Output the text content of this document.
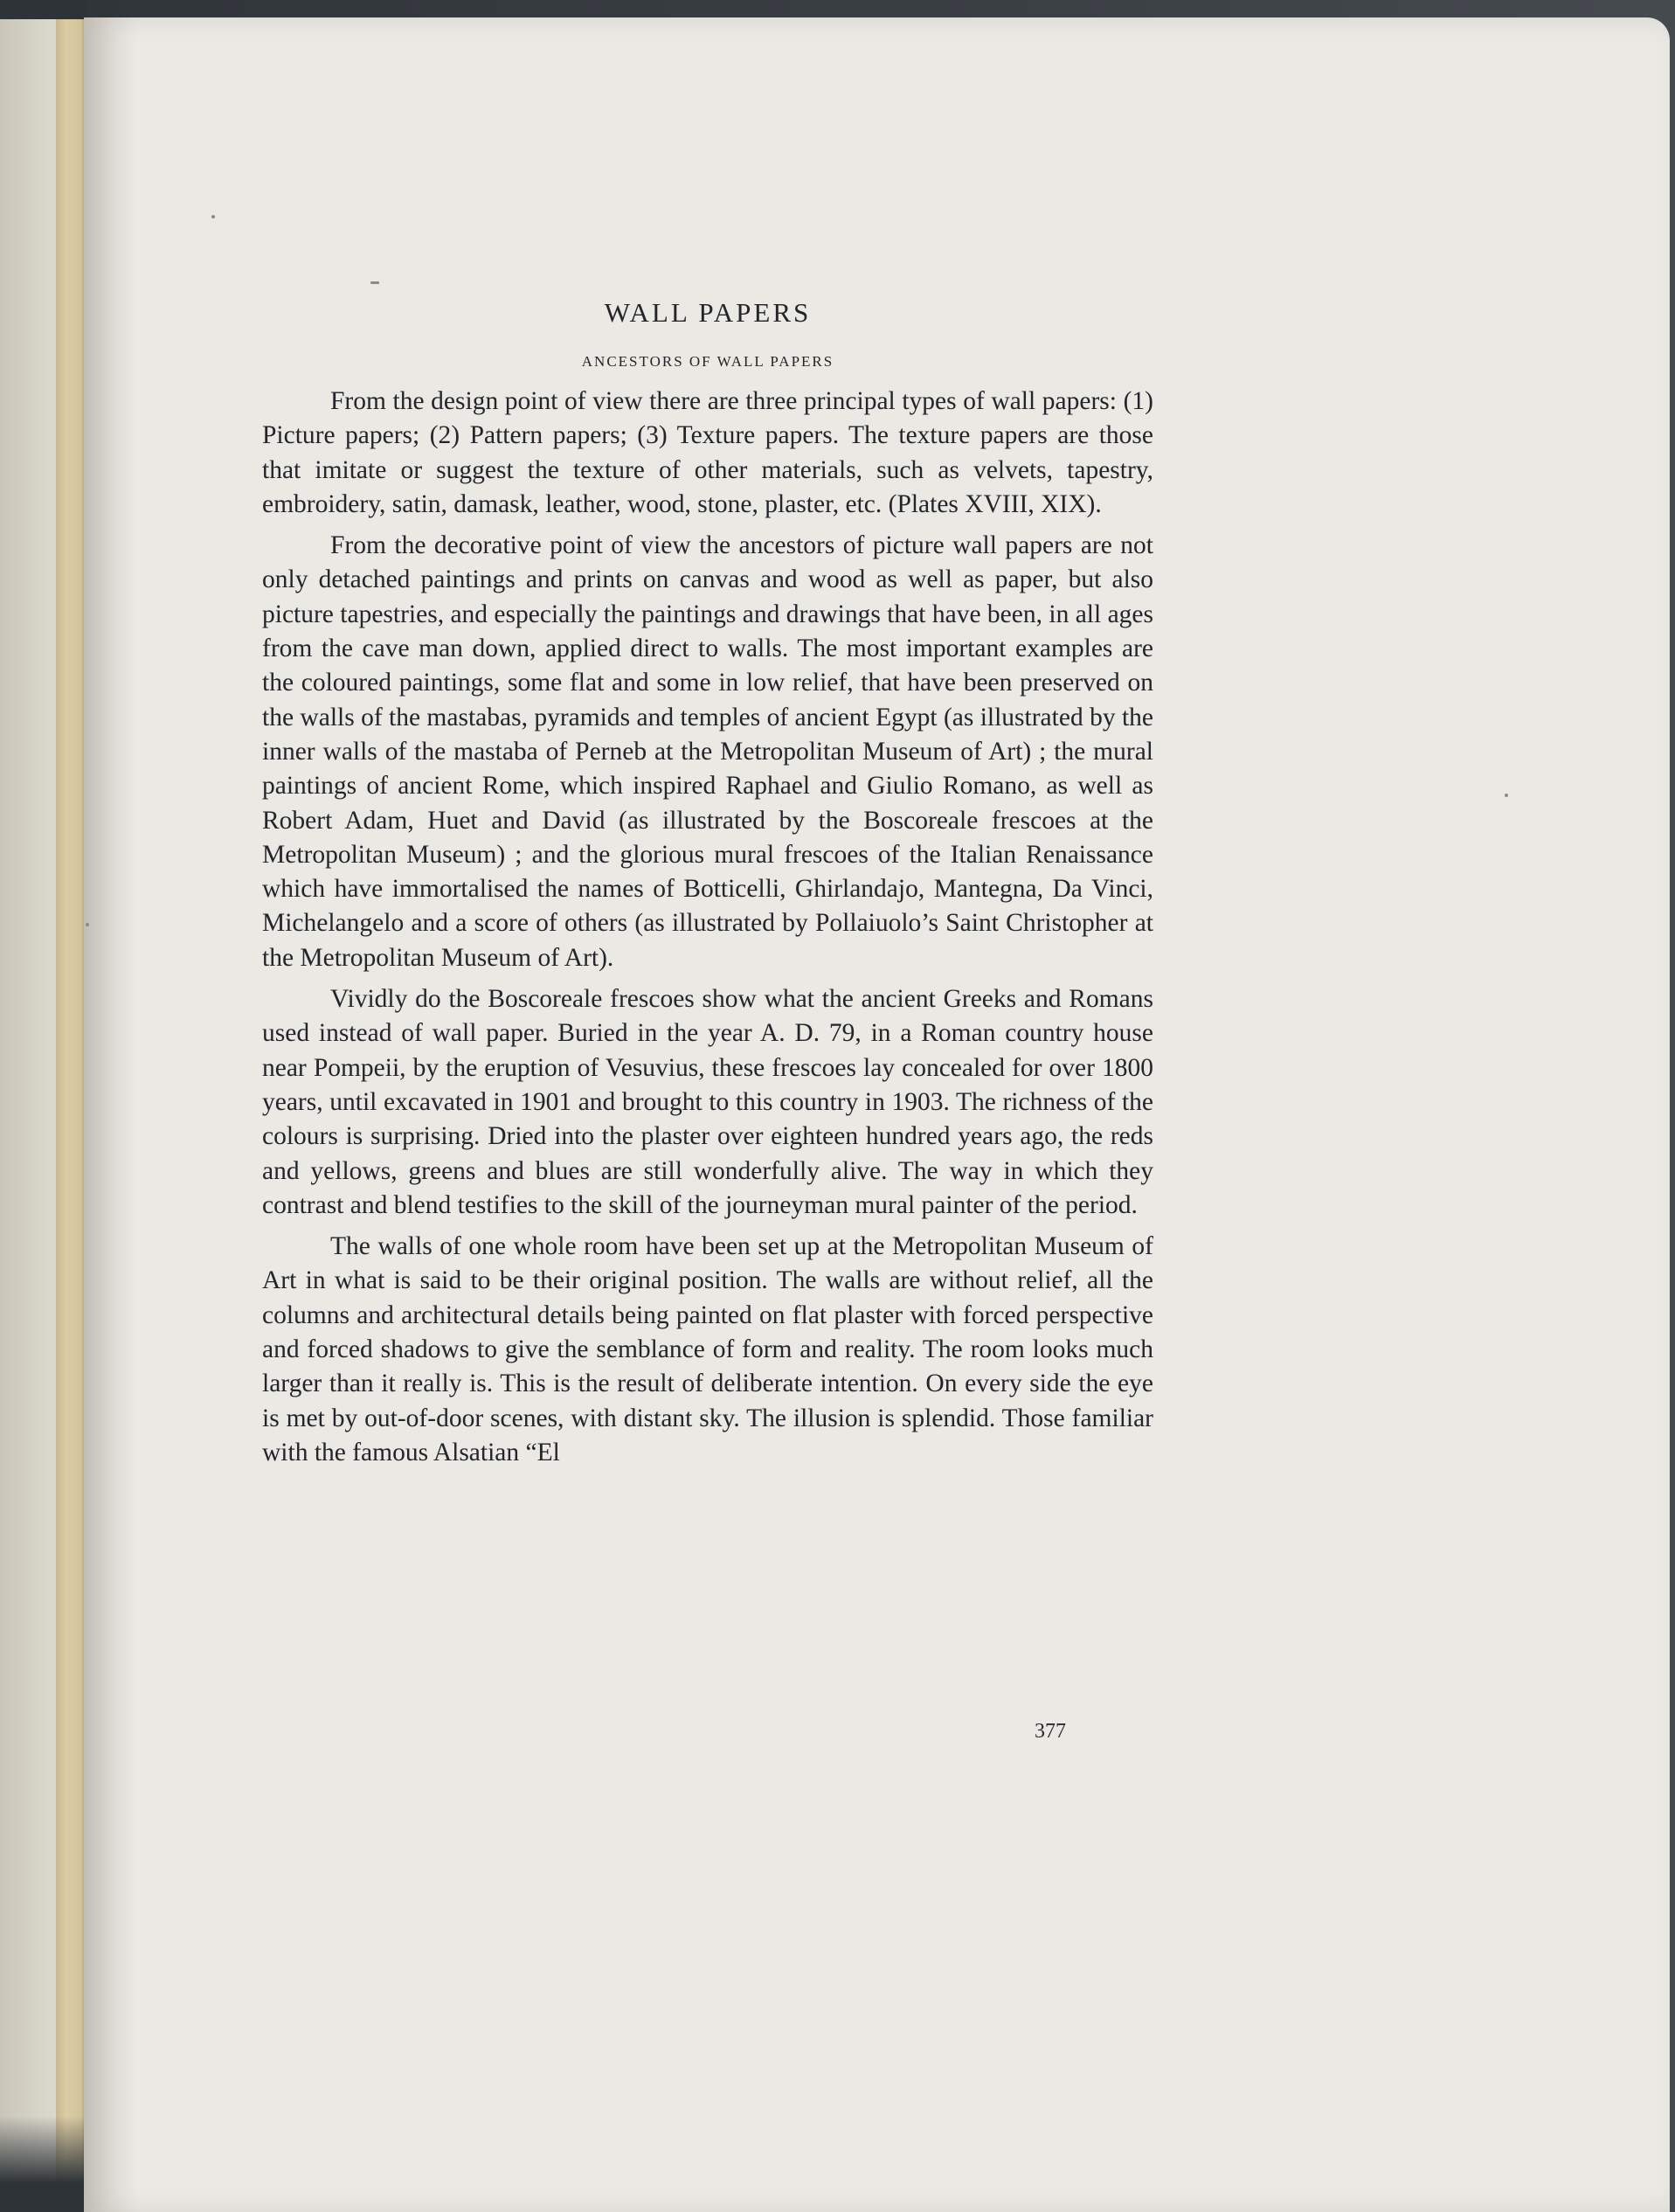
WALL PAPERS
ANCESTORS OF WALL PAPERS

From the design point of view there are three principal types of wall papers: (1) Picture papers; (2) Pattern papers; (3) Texture papers. The texture papers are those that imitate or suggest the texture of other materials, such as velvets, tapestry, embroidery, satin, damask, leather, wood, stone, plaster, etc. (Plates XVIII, XIX).

From the decorative point of view the ancestors of picture wall papers are not only detached paintings and prints on canvas and wood as well as paper, but also picture tapestries, and especially the paintings and drawings that have been, in all ages from the cave man down, applied direct to walls. The most important examples are the coloured paintings, some flat and some in low relief, that have been preserved on the walls of the mastabas, pyramids and temples of ancient Egypt (as illustrated by the inner walls of the mastaba of Perneb at the Metropolitan Museum of Art) ; the mural paintings of ancient Rome, which inspired Raphael and Giulio Romano, as well as Robert Adam, Huet and David (as illustrated by the Boscoreale frescoes at the Metropolitan Museum) ; and the glorious mural frescoes of the Italian Renaissance which have immortalised the names of Botticelli, Ghirlandajo, Mantegna, Da Vinci, Michelangelo and a score of others (as illustrated by Pollaiuolo’s Saint Christopher at the Metropolitan Museum of Art).

Vividly do the Boscoreale frescoes show what the ancient Greeks and Romans used instead of wall paper. Buried in the year A. D. 79, in a Roman country house near Pompeii, by the eruption of Vesuvius, these frescoes lay concealed for over 1800 years, until excavated in 1901 and brought to this country in 1903. The richness of the colours is surprising. Dried into the plaster over eighteen hundred years ago, the reds and yellows, greens and blues are still wonderfully alive. The way in which they contrast and blend testifies to the skill of the journeyman mural painter of the period.

The walls of one whole room have been set up at the Metropolitan Museum of Art in what is said to be their original position. The walls are without relief, all the columns and architectural details being painted on flat plaster with forced perspective and forced shadows to give the semblance of form and reality. The room looks much larger than it really is. This is the result of deliberate intention. On every side the eye is met by out-of-door scenes, with distant sky. The illusion is splendid. Those familiar with the famous Alsatian “El

377
